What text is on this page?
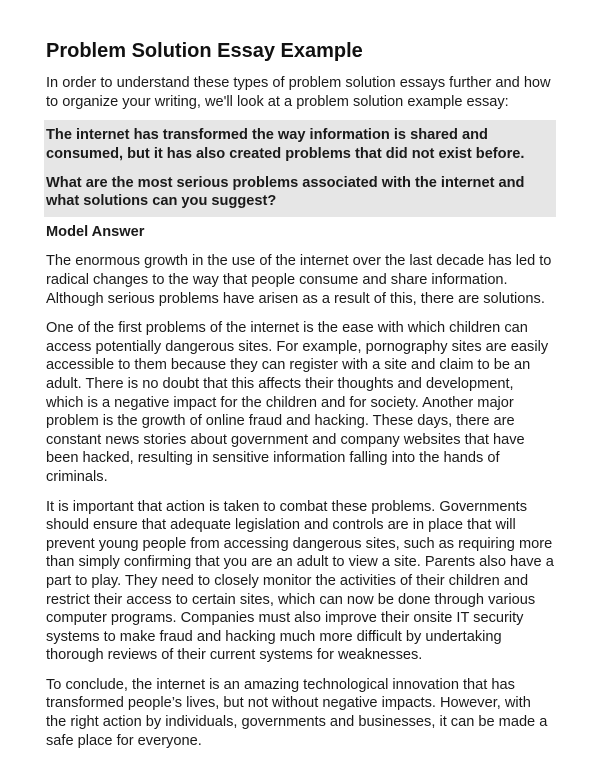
Problem Solution Essay Example

In order to understand these types of problem solution essays further and how to organize your writing, we'll look at a problem solution example essay:

The internet has transformed the way information is shared and consumed, but it has also created problems that did not exist before.

What are the most serious problems associated with the internet and what solutions can you suggest?

Model Answer

The enormous growth in the use of the internet over the last decade has led to radical changes to the way that people consume and share information. Although serious problems have arisen as a result of this, there are solutions.

One of the first problems of the internet is the ease with which children can access potentially dangerous sites. For example, pornography sites are easily accessible to them because they can register with a site and claim to be an adult. There is no doubt that this affects their thoughts and development, which is a negative impact for the children and for society. Another major problem is the growth of online fraud and hacking. These days, there are constant news stories about government and company websites that have been hacked, resulting in sensitive information falling into the hands of criminals.

It is important that action is taken to combat these problems. Governments should ensure that adequate legislation and controls are in place that will prevent young people from accessing dangerous sites, such as requiring more than simply confirming that you are an adult to view a site. Parents also have a part to play. They need to closely monitor the activities of their children and restrict their access to certain sites, which can now be done through various computer programs. Companies must also improve their onsite IT security systems to make fraud and hacking much more difficult by undertaking thorough reviews of their current systems for weaknesses.

To conclude, the internet is an amazing technological innovation that has transformed people’s lives, but not without negative impacts. However, with the right action by individuals, governments and businesses, it can be made a safe place for everyone.
